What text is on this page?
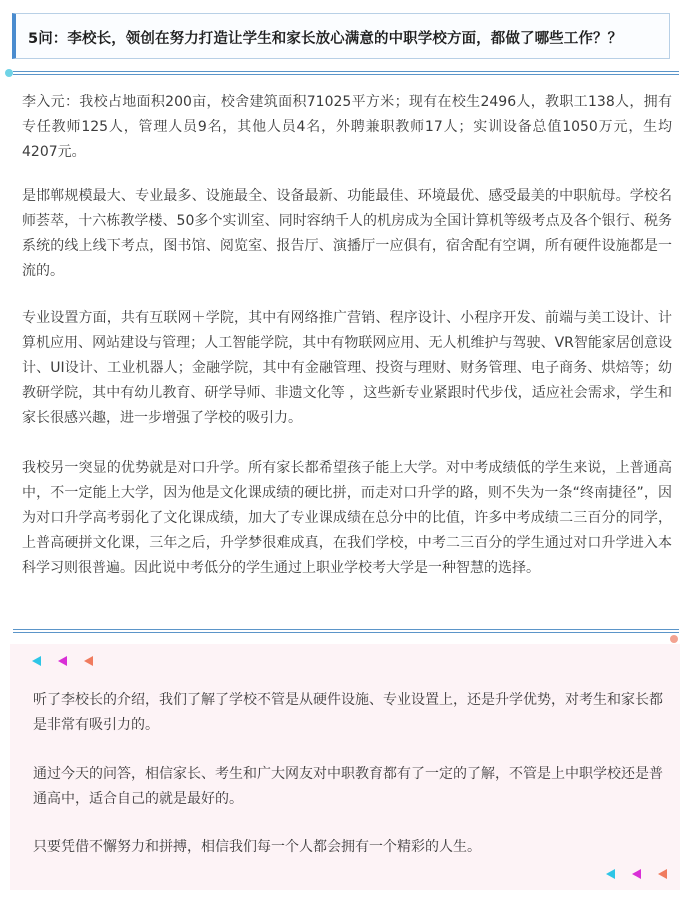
5问：李校长，领创在努力打造让学生和家长放心满意的中职学校方面，都做了哪些工作？？

李入元：我校占地面积200亩，校舍建筑面积71025平方米；现有在校生2496人，教职工138人，拥有专任教师125人，管理人员9名，其他人员4名，外聘兼职教师17人；实训设备总值1050万元，生均4207元。

是邯郸规模最大、专业最多、设施最全、设备最新、功能最佳、环境最优、感受最美的中职航母。学校名师荟萃，十六栋教学楼、50多个实训室、同时容纳千人的机房成为全国计算机等级考点及各个银行、税务系统的线上线下考点，图书馆、阅览室、报告厅、演播厅一应俱有，宿舍配有空调，所有硬件设施都是一流的。

专业设置方面，共有互联网＋学院，其中有网络推广营销、程序设计、小程序开发、前端与美工设计、计算机应用、网站建设与管理；人工智能学院，其中有物联网应用、无人机维护与驾驶、VR智能家居创意设计、UI设计、工业机器人；金融学院，其中有金融管理、投资与理财、财务管理、电子商务、烘焙等；幼教研学院，其中有幼儿教育、研学导师、非遗文化等 ，这些新专业紧跟时代步伐，适应社会需求，学生和家长很感兴趣，进一步增强了学校的吸引力。

我校另一突显的优势就是对口升学。所有家长都希望孩子能上大学。对中考成绩低的学生来说，上普通高中，不一定能上大学，因为他是文化课成绩的硬比拼，而走对口升学的路，则不失为一条“终南捷径”，因为对口升学高考弱化了文化课成绩，加大了专业课成绩在总分中的比值，许多中考成绩二三百分的同学，上普高硬拼文化课，三年之后，升学梦很难成真，在我们学校，中考二三百分的学生通过对口升学进入本科学习则很普遍。因此说中考低分的学生通过上职业学校考大学是一种智慧的选择。

听了李校长的介绍，我们了解了学校不管是从硬件设施、专业设置上，还是升学优势，对考生和家长都是非常有吸引力的。

通过今天的问答，相信家长、考生和广大网友对中职教育都有了一定的了解，不管是上中职学校还是普通高中，适合自己的就是最好的。

只要凭借不懈努力和拼搏，相信我们每一个人都会拥有一个精彩的人生。
